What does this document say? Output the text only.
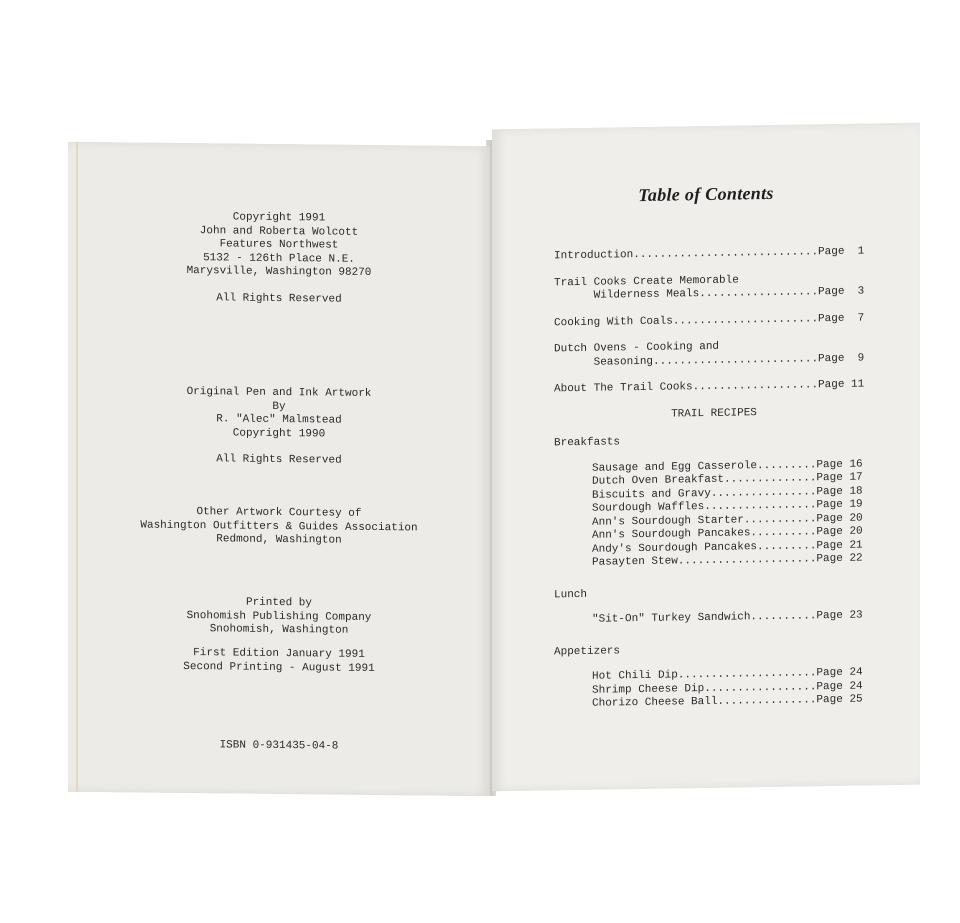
Copyright 1991
John and Roberta Wolcott
Features Northwest
5132 - 126th Place N.E.
Marysville, Washington 98270
All Rights Reserved
Original Pen and Ink Artwork
By
R. "Alec" Malmstead
Copyright 1990
All Rights Reserved
Other Artwork Courtesy of
Washington Outfitters & Guides Association
Redmond, Washington
Printed by
Snohomish Publishing Company
Snohomish, Washington
First Edition January 1991
Second Printing - August 1991
ISBN 0-931435-04-8
Table of Contents
Introduction............................Page  1
Trail Cooks Create Memorable
Wilderness Meals..................Page  3
Cooking With Coals......................Page  7
Dutch Ovens - Cooking and
Seasoning.........................Page  9
About The Trail Cooks...................Page 11
TRAIL RECIPES
Breakfasts
Sausage and Egg Casserole.........Page 16
Dutch Oven Breakfast..............Page 17
Biscuits and Gravy................Page 18
Sourdough Waffles.................Page 19
Ann's Sourdough Starter...........Page 20
Ann's Sourdough Pancakes..........Page 20
Andy's Sourdough Pancakes.........Page 21
Pasayten Stew.....................Page 22
Lunch
"Sit-On" Turkey Sandwich..........Page 23
Appetizers
Hot Chili Dip.....................Page 24
Shrimp Cheese Dip.................Page 24
Chorizo Cheese Ball...............Page 25
